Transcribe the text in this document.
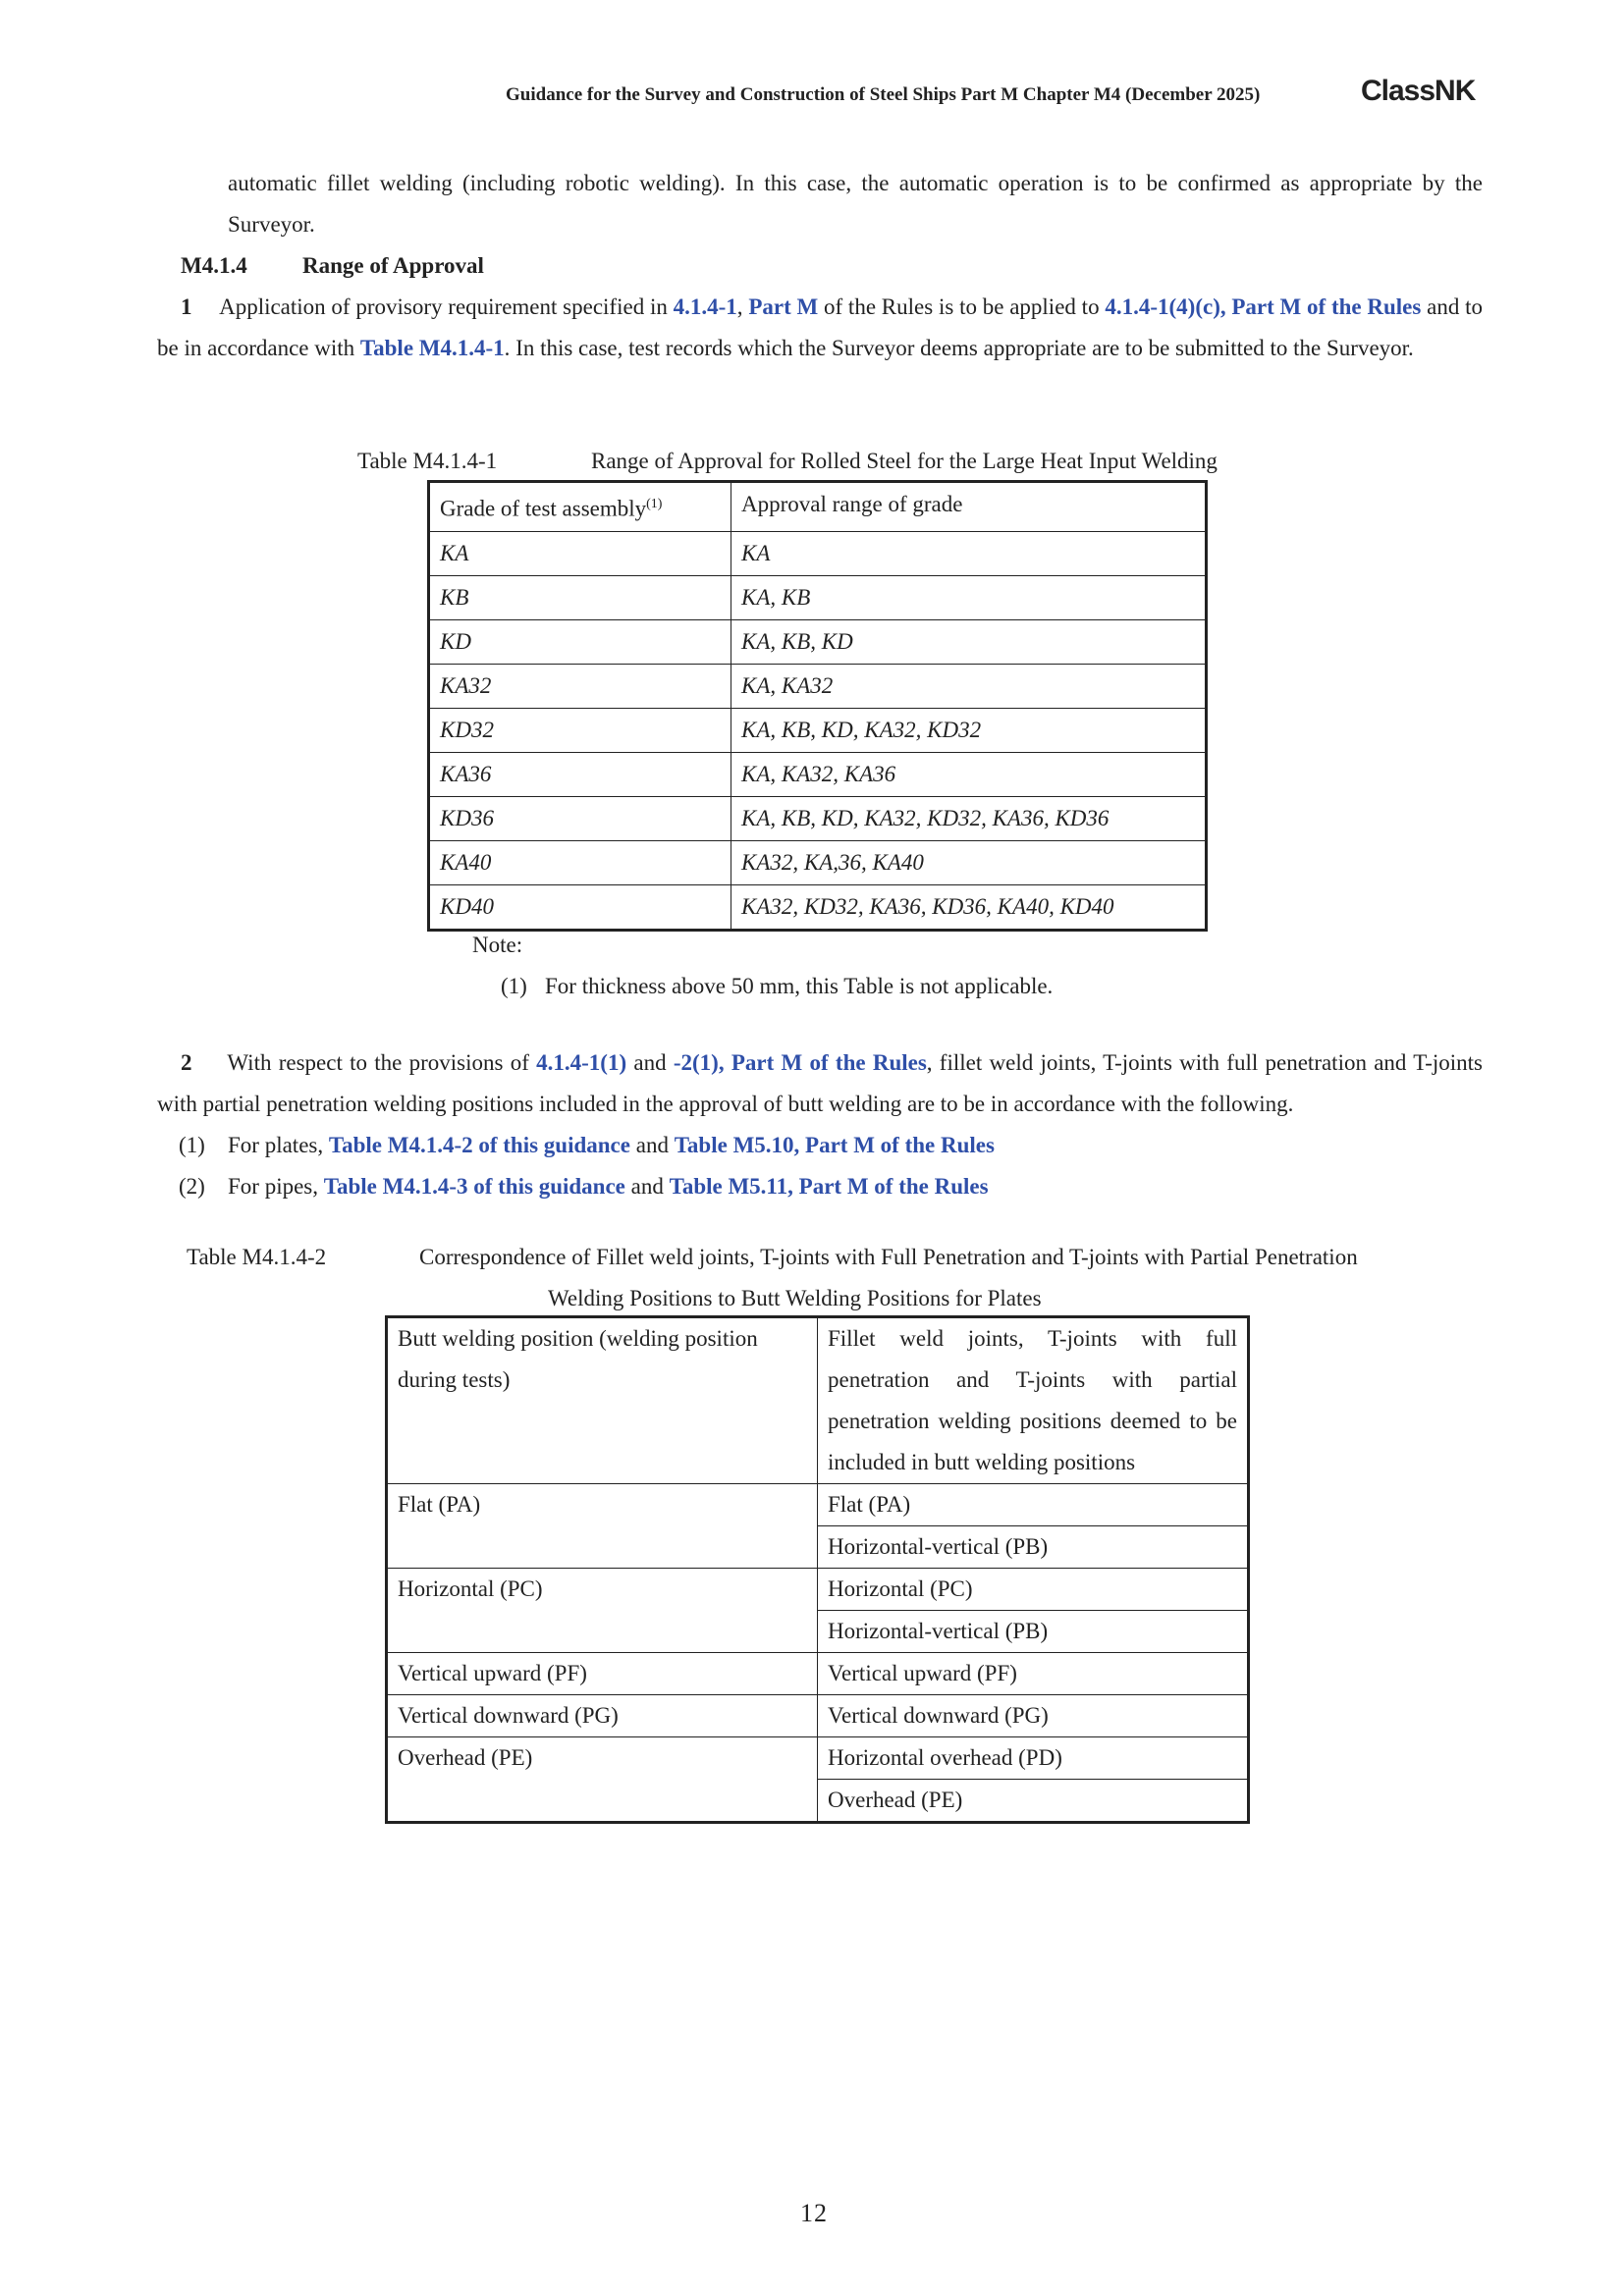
Guidance for the Survey and Construction of Steel Ships Part M Chapter M4 (December 2025)	ClassNK
automatic fillet welding (including robotic welding). In this case, the automatic operation is to be confirmed as appropriate by the Surveyor.
M4.1.4 Range of Approval
1 Application of provisory requirement specified in 4.1.4-1, Part M of the Rules is to be applied to 4.1.4-1(4)(c), Part M of the Rules and to be in accordance with Table M4.1.4-1. In this case, test records which the Surveyor deems appropriate are to be submitted to the Surveyor.
Table M4.1.4-1	Range of Approval for Rolled Steel for the Large Heat Input Welding
Grade of test assembly$^{(1)}$	Approval range of grade
KA	KA
KB	KA, KB
KD	KA, KB, KD
KA32	KA, KA32
KD32	KA, KB, KD, KA32, KD32
KA36	KA, KA32, KA36
KD36	KA, KB, KD, KA32, KD32, KA36, KD36
KA40	KA32, KA,36, KA40
KD40	KA32, KD32, KA36, KD36, KA40, KD40
Note:
(1) For thickness above 50 mm, this Table is not applicable.
2 With respect to the provisions of 4.1.4-1(1) and -2(1), Part M of the Rules, fillet weld joints, T-joints with full penetration and T-joints with partial penetration welding positions included in the approval of butt welding are to be in accordance with the following.
(1) For plates, Table M4.1.4-2 of this guidance and Table M5.10, Part M of the Rules
(2) For pipes, Table M4.1.4-3 of this guidance and Table M5.11, Part M of the Rules
Table M4.1.4-2	Correspondence of Fillet weld joints, T-joints with Full Penetration and T-joints with Partial Penetration
Welding Positions to Butt Welding Positions for Plates
Butt welding position (welding position during tests)	Fillet weld joints, T-joints with full penetration and T-joints with partial penetration welding positions deemed to be included in butt welding positions
Flat (PA)	Flat (PA)
	Horizontal-vertical (PB)
Horizontal (PC)	Horizontal (PC)
	Horizontal-vertical (PB)
Vertical upward (PF)	Vertical upward (PF)
Vertical downward (PG)	Vertical downward (PG)
Overhead (PE)	Horizontal overhead (PD)
	Overhead (PE)
12
